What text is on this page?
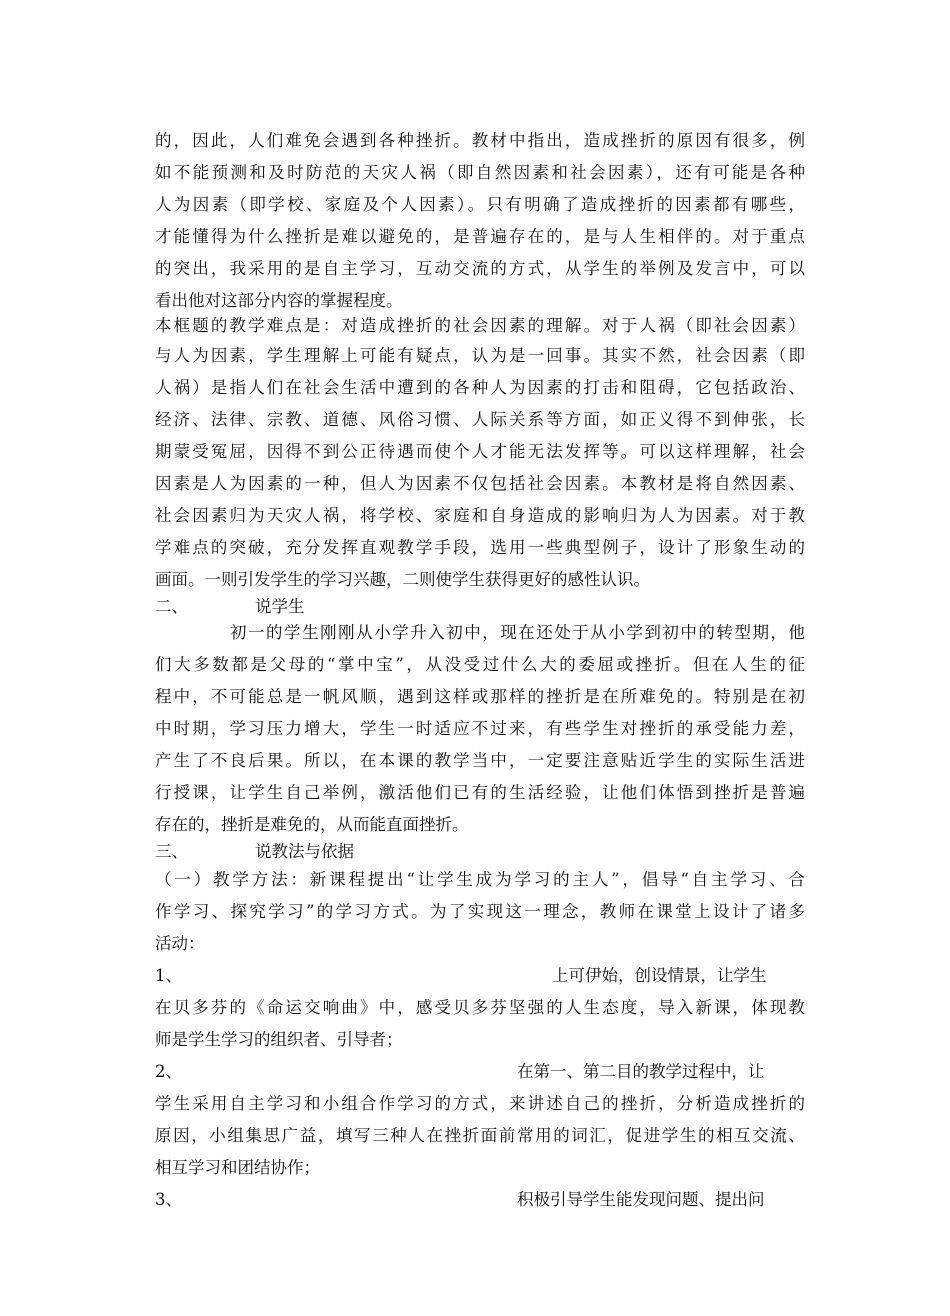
的，因此，人们难免会遇到各种挫折。教材中指出，造成挫折的原因有很多，例
如不能预测和及时防范的天灾人祸（即自然因素和社会因素），还有可能是各种
人为因素（即学校、家庭及个人因素）。只有明确了造成挫折的因素都有哪些，
才能懂得为什么挫折是难以避免的，是普遍存在的，是与人生相伴的。对于重点
的突出，我采用的是自主学习，互动交流的方式，从学生的举例及发言中，可以
看出他对这部分内容的掌握程度。
本框题的教学难点是：对造成挫折的社会因素的理解。对于人祸（即社会因素）
与人为因素，学生理解上可能有疑点，认为是一回事。其实不然，社会因素（即
人祸）是指人们在社会生活中遭到的各种人为因素的打击和阻碍，它包括政治、
经济、法律、宗教、道德、风俗习惯、人际关系等方面，如正义得不到伸张，长
期蒙受冤屈，因得不到公正待遇而使个人才能无法发挥等。可以这样理解，社会
因素是人为因素的一种，但人为因素不仅包括社会因素。本教材是将自然因素、
社会因素归为天灾人祸，将学校、家庭和自身造成的影响归为人为因素。对于教
学难点的突破，充分发挥直观教学手段，选用一些典型例子，设计了形象生动的
画面。一则引发学生的学习兴趣，二则使学生获得更好的感性认识。
二、	说学生
初一的学生刚刚从小学升入初中，现在还处于从小学到初中的转型期，他
们大多数都是父母的“掌中宝”，从没受过什么大的委屈或挫折。但在人生的征
程中，不可能总是一帆风顺，遇到这样或那样的挫折是在所难免的。特别是在初
中时期，学习压力增大，学生一时适应不过来，有些学生对挫折的承受能力差，
产生了不良后果。所以，在本课的教学当中，一定要注意贴近学生的实际生活进
行授课，让学生自己举例，激活他们已有的生活经验，让他们体悟到挫折是普遍
存在的，挫折是难免的，从而能直面挫折。
三、	说教法与依据
（一）教学方法：新课程提出“让学生成为学习的主人”，倡导“自主学习、合
作学习、探究学习”的学习方式。为了实现这一理念，教师在课堂上设计了诸多
活动：
1、	上可伊始，创设情景，让学生
在贝多芬的《命运交响曲》中，感受贝多芬坚强的人生态度，导入新课，体现教
师是学生学习的组织者、引导者；
2、	在第一、第二目的教学过程中，让
学生采用自主学习和小组合作学习的方式，来讲述自己的挫折，分析造成挫折的
原因，小组集思广益，填写三种人在挫折面前常用的词汇，促进学生的相互交流、
相互学习和团结协作；
3、	积极引导学生能发现问题、提出问
